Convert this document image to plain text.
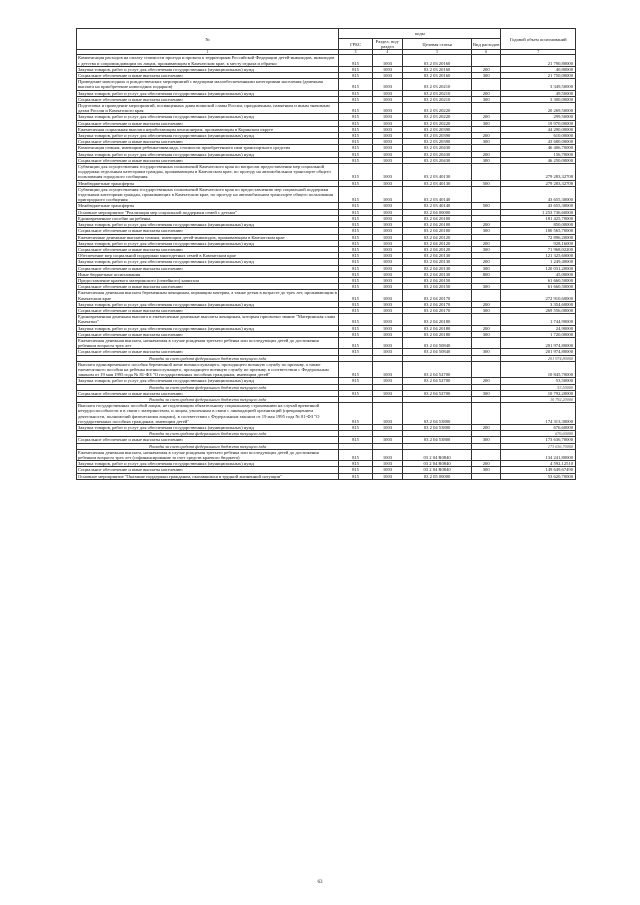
№	коды				Годовой объем ассигнований
	ГРБС	Раздел, под- раздел	Целевая статья	Вид расходов	
1	3	4	5	6	7
Компенсация расходов на оплату стоимости проезда и провоза к территориям Российской Федерации детей-инвалидов, инвалидов с детства и сопровождающим их лицам, проживающим в Камчатском крае, к месту отдыха и обратно	815	1003	03 2 03 20160		21 790,80000
Закупка товаров, работ и услуг для обеспечения государственных (муниципальных) нужд	815	1003	03 2 03 20160	200	40,80000
Социальное обеспечение и иные выплаты населению	815	1003	03 2 03 20160	300	21 750,00000
Проведение новогодних и рождественских мероприятий с ведущими малообеспеченными категориями населения (денежная выплата на приобретение новогодних подарков)	815	1003	03 2 03 20210		3 349,50000
Закупка товаров, работ и услуг для обеспечения государственных (муниципальных) нужд	815	1003	03 2 03 20210	200	49,50000
Социальное обеспечение и иные выплаты населению	815	1003	03 2 03 20210	300	3 300,00000
Подготовка и проведение мероприятий, посвященных дням воинской славы России, праздничным, памятным и иным значимым датам России и Камчатского края	815	1003	03 2 03 20220		20 269,50000
Закупка товаров, работ и услуг для обеспечения государственных (муниципальных) нужд	815	1003	03 2 03 20220	200	299,50000
Социальное обеспечение и иные выплаты населению	815	1003	03 2 03 20220	300	19 970,00000
Ежемесячная социальная выплата неработающим пенсионерам, проживающим в Корякском округе	815	1003	03 2 03 20390		44 290,00000
Закупка товаров, работ и услуг для обеспечения государственных (муниципальных) нужд	815	1003	03 2 03 20390	200	610,00000
Социальное обеспечение и иные выплаты населению	815	1003	03 2 03 20390	300	43 680,00000
Компенсация семьям, имеющим ребенка-инвалида, стоимости приобретенного ими транспортного средства	815	1003	03 2 03 20430		46 406,70000
Закупка товаров, работ и услуг для обеспечения государственных (муниципальных) нужд	815	1003	03 2 03 20430	200	156,70000
Социальное обеспечение и иные выплаты населению	815	1003	03 2 03 20430	300	46 250,00000
Субвенции для осуществления государственных полномочий Камчатского края по вопросам предоставления мер социальной поддержки отдельным категориям граждан, проживающим в Камчатском крае, по проезду на автомобильном транспорте общего пользования городского сообщения	815	1003	03 2 03 40130		279 283,32708
Межбюджетные трансферты	815	1003	03 2 03 40130	500	279 283,32708
Субвенции для осуществления государственных полномочий Камчатского края по предоставлению мер социальной поддержки отдельным категориям граждан, проживающих в Камчатском крае, по проезду на автомобильном транспорте общего пользования пригородного сообщения	815	1003	03 2 03 40140		43 655,30000
Межбюджетные трансферты	815	1003	03 2 03 40140	500	43 655,30000
Основное мероприятие "Реализация мер социальной поддержки семей с детьми"	815	1003	03 2 04 00000		1 253 736,60000
Единовременное пособие на ребенка	815	1003	03 2 04 20100		181 425,70000
Закупка товаров, работ и услуг для обеспечения государственных (муниципальных) нужд	815	1003	03 2 04 20100	200	850,00000
Социальное обеспечение и иные выплаты населению	815	1003	03 2 04 20100	300	180 565,70000
Ежемесячные денежные выплаты семьям, имеющим детей-инвалидов, проживающим в Камчатском крае	815	1003	03 2 04 20120		72 896,20000
Закупка товаров, работ и услуг для обеспечения государственных (муниципальных) нужд	815	1003	03 2 04 20120	200	928,16000
Социальное обеспечение и иные выплаты населению	815	1003	03 2 04 20120	300	71 968,02200
Обеспечение мер социальной поддержки многодетных семей в Камчатском крае	815	1003	03 2 04 20130		121 325,60000
Закупка товаров, работ и услуг для обеспечения государственных (муниципальных) нужд	815	1003	03 2 04 20130	200	1 249,40000
Социальное обеспечение и иные выплаты населению	815	1003	03 2 04 20130	300	120 031,20000
Иные бюджетные ассигнования	815	1003	03 2 04 20130	800	45,00000
Предоставление краевого материнского (семейного) капитала	815	1003	03 2 04 20150		61 660,50000
Социальное обеспечение и иные выплаты населению	815	1003	03 2 04 20150	300	61 660,50000
Ежемесячная денежная выплата беременным женщинам, кормящим матерям, а также детям в возрасте до трех лет, проживающим в Камчатском крае	815	1003	03 2 04 20170		272 910,60000
Закупка товаров, работ и услуг для обеспечения государственных (муниципальных) нужд	815	1003	03 2 04 20170	200	3 354,60000
Социальное обеспечение и иные выплаты населению	815	1003	03 2 04 20170	300	269 556,00000
Единовременная денежная выплата и ежемесячные денежные выплаты женщинам, которым присвоено звание "Материнская слава Камчатки"	815	1003	03 2 04 20180		1 744,90000
Закупка товаров, работ и услуг для обеспечения государственных (муниципальных) нужд	815	1003	03 2 04 20180	200	24,90000
Социальное обеспечение и иные выплаты населению	815	1003	03 2 04 20180	300	1 720,00000
Ежемесячная денежная выплата, назначаемая в случае рождения третьего ребенка или последующих детей до достижения ребенком возраста трех лет	815	1003	03 2 04 50840		201 974,80000
Социальное обеспечение и иные выплаты населению	815	1003	03 2 04 50840	300	201 974,80000
Расходы за счет средств федерального бюджета текущего года					201 974,80000
Выплата единовременного пособия беременной жене военнослужащего, проходящего военную службу по призыву, а также ежемесячного пособия на ребенка военнослужащего, проходящего военную службу по призыву, в соответствии с Федеральным законом от 19 мая 1995 года № 81-ФЗ "О государственных пособиях гражданам, имеющим детей"	815	1003	03 2 04 52700		10 845,70000
Закупка товаров, работ и услуг для обеспечения государственных (муниципальных) нужд	815	1003	03 2 04 52700	200	53,50000
Расходы за счет средств федерального бюджета текущего года					53,50000
Социальное обеспечение и иные выплаты населению	815	1003	03 2 04 52700	300	10 792,20000
Расходы за счет средств федерального бюджета текущего года					10 792,20000
Выплата государственных пособий лицам, не подлежащим обязательному социальному страхованию на случай временной нетрудоспособности и в связи с материнством, и лицам, уволенным в связи с ликвидацией организаций (прекращением деятельности, полномочий физическими лицами), в соответствии с Федеральным законом от 19 мая 1995 года № 81-ФЗ "О государственных пособиях гражданам, имеющим детей"	815	1003	03 2 04 53800		174 313,30000
Закупка товаров, работ и услуг для обеспечения государственных (муниципальных) нужд	815	1003	03 2 04 53800	200	676,60000
Расходы за счет средств федерального бюджета текущего года					676,60000
Социальное обеспечение и иные выплаты населению	815	1003	03 2 04 53800	300	173 636,70000
Расходы за счет средств федерального бюджета текущего года					173 636,70000
Ежемесячная денежная выплата, назначаемая в случае рождения третьего ребенка или последующих детей до достижения ребенком возраста трех лет (софинансирование за счет средств краевого бюджета)	815	1003	03 2 04 R0840		134 241,80000
Закупка товаров, работ и услуг для обеспечения государственных (муниципальных) нужд	815	1003	03 2 04 R0840	200	4 592,12510
Социальное обеспечение и иные выплаты населению	815	1003	03 2 04 R0840	300	149 649,67490
Основное мероприятие "Оказание поддержки гражданам, оказавшимся в трудной жизненной ситуации"	815	1003	03 2 05 00000		53 620,70000
63
